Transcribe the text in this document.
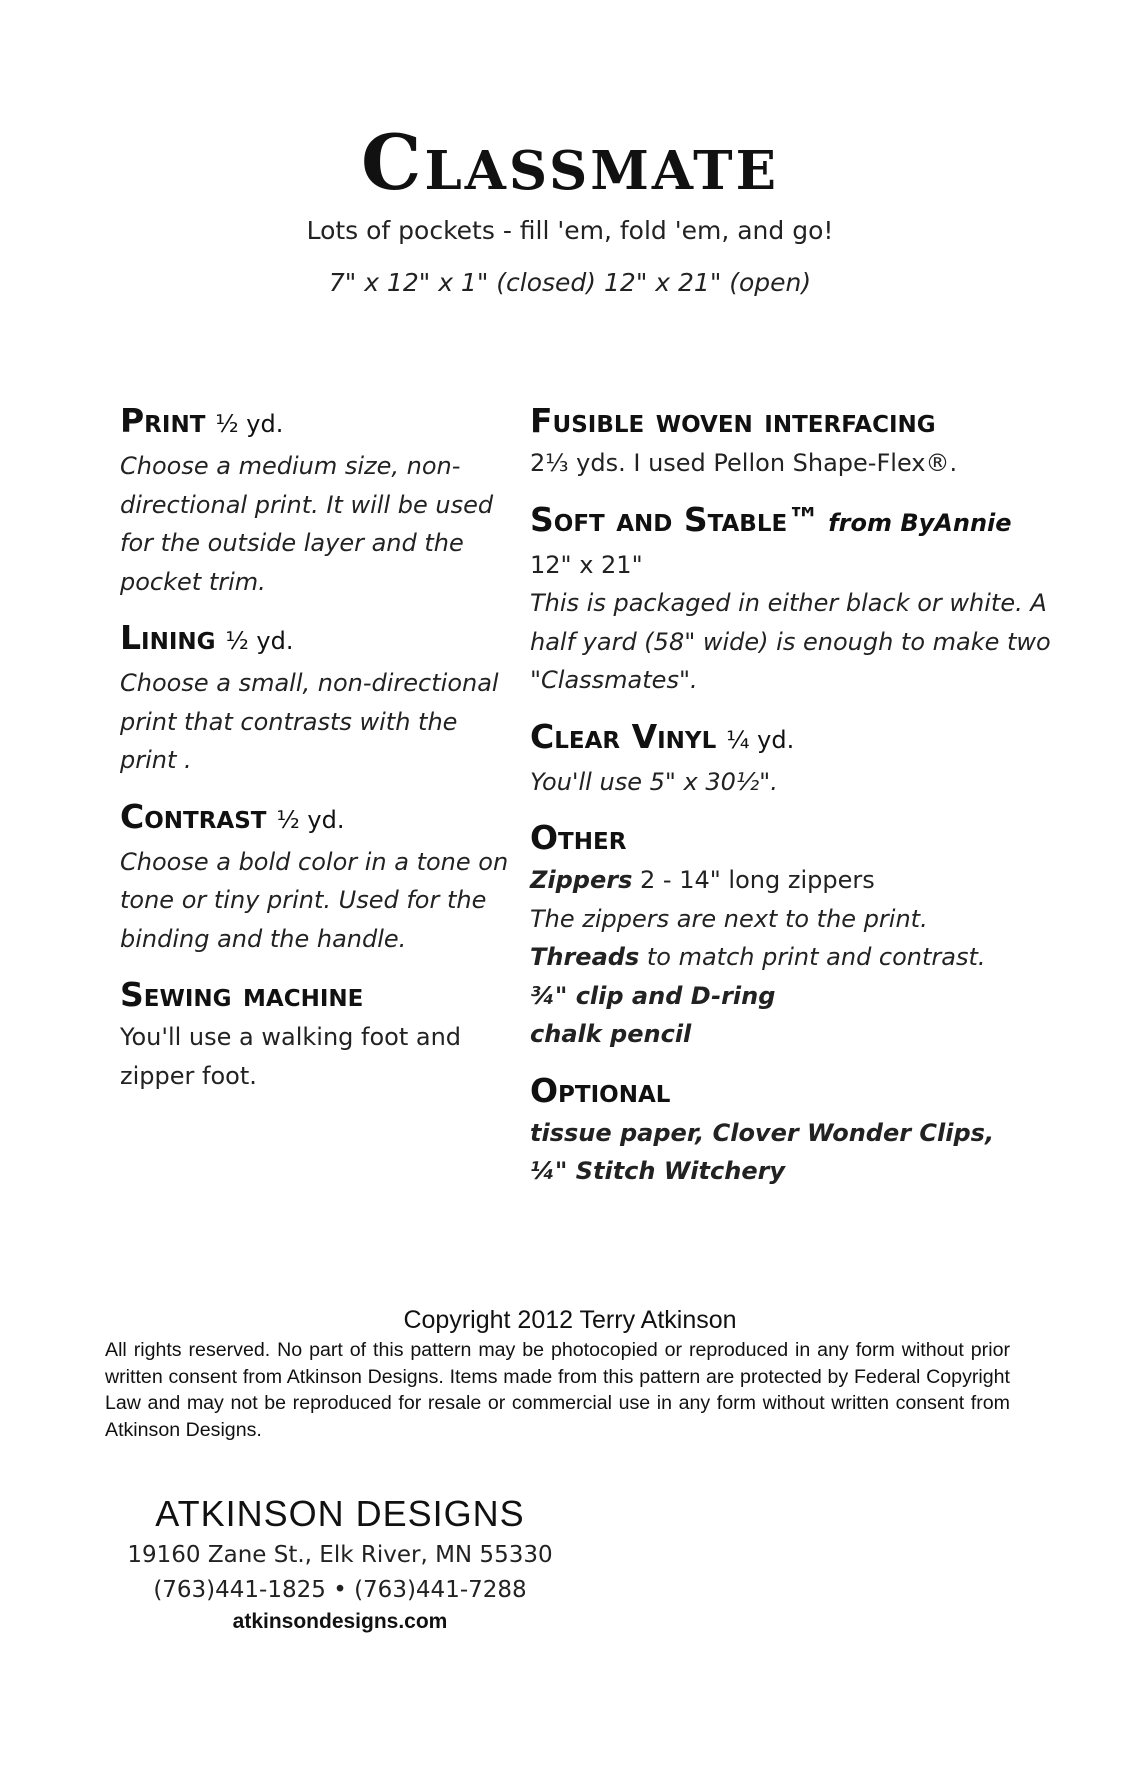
Classmate
Lots of pockets - fill 'em, fold 'em, and go!
7" x 12" x 1" (closed) 12" x 21" (open)
Print ½ yd.

Choose a medium size, non-directional print. It will be used for the outside layer and the pocket trim.

Lining ½ yd.

Choose a small, non-directional print that contrasts with the print .

Contrast ½ yd.

Choose a bold color in a tone on tone or tiny print. Used for the binding and the handle.

Sewing machine

You'll use a walking foot and zipper foot.

Fusible woven interfacing

2⅓ yds. I used Pellon Shape-Flex®.

Soft and Stable™ from ByAnnie
12" x 21"

This is packaged in either black or white. A half yard (58" wide) is enough to make two "Classmates".

Clear Vinyl ¼ yd.

You'll use 5" x 30½".

Other
Zippers 2 - 14" long zippers
The zippers are next to the print.
Threads to match print and contrast.
¾" clip and D-ring
chalk pencil
Optional
tissue paper, Clover Wonder Clips,
¼" Stitch Witchery
Copyright 2012 Terry Atkinson
All rights reserved. No part of this pattern may be photocopied or reproduced in any form without prior written consent from Atkinson Designs. Items made from this pattern are protected by Federal Copyright Law and may not be reproduced for resale or commercial use in any form without written consent from Atkinson Designs.
ATKINSON DESIGNS
19160 Zane St., Elk River, MN 55330
(763)441-1825 • (763)441-7288
atkinsondesigns.com
